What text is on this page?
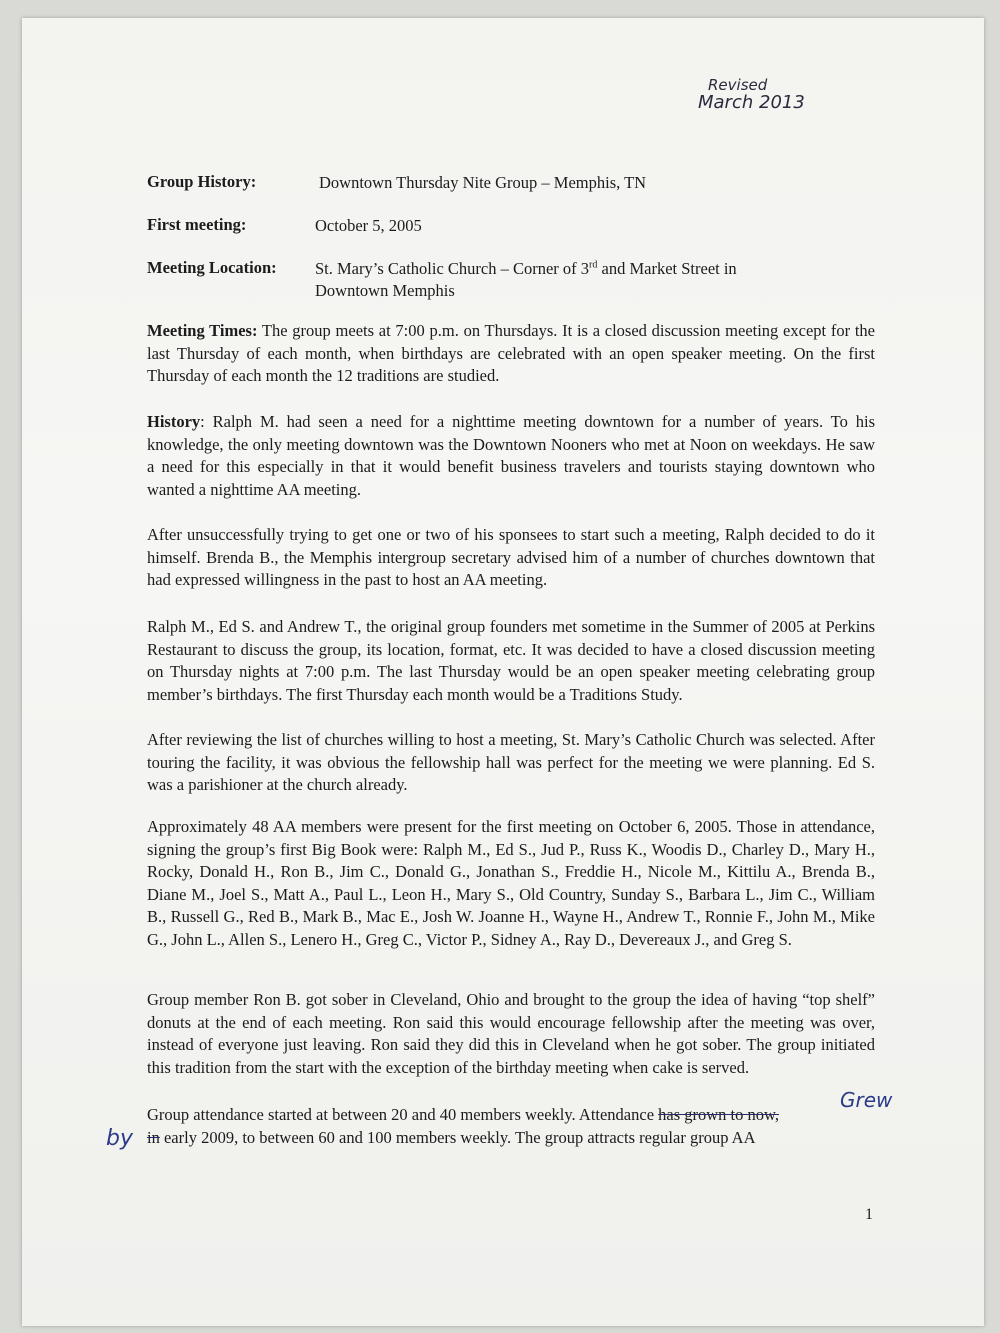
Revised
March 2013
Group History:	Downtown Thursday Nite Group – Memphis, TN
First meeting:	October 5, 2005
Meeting Location: St. Mary’s Catholic Church – Corner of 3rd and Market Street in
Downtown Memphis

Meeting Times: The group meets at 7:00 p.m. on Thursdays. It is a closed discussion meeting except for the last Thursday of each month, when birthdays are celebrated with an open speaker meeting. On the first Thursday of each month the 12 traditions are studied.

History: Ralph M. had seen a need for a nighttime meeting downtown for a number of years. To his knowledge, the only meeting downtown was the Downtown Nooners who met at Noon on weekdays. He saw a need for this especially in that it would benefit business travelers and tourists staying downtown who wanted a nighttime AA meeting.

After unsuccessfully trying to get one or two of his sponsees to start such a meeting, Ralph decided to do it himself. Brenda B., the Memphis intergroup secretary advised him of a number of churches downtown that had expressed willingness in the past to host an AA meeting.

Ralph M., Ed S. and Andrew T., the original group founders met sometime in the Summer of 2005 at Perkins Restaurant to discuss the group, its location, format, etc. It was decided to have a closed discussion meeting on Thursday nights at 7:00 p.m. The last Thursday would be an open speaker meeting celebrating group member’s birthdays. The first Thursday each month would be a Traditions Study.

After reviewing the list of churches willing to host a meeting, St. Mary’s Catholic Church was selected. After touring the facility, it was obvious the fellowship hall was perfect for the meeting we were planning. Ed S. was a parishioner at the church already.

Approximately 48 AA members were present for the first meeting on October 6, 2005. Those in attendance, signing the group’s first Big Book were: Ralph M., Ed S., Jud P., Russ K., Woodis D., Charley D., Mary H., Rocky, Donald H., Ron B., Jim C., Donald G., Jonathan S., Freddie H., Nicole M., Kittilu A., Brenda B., Diane M., Joel S., Matt A., Paul L., Leon H., Mary S., Old Country, Sunday S., Barbara L., Jim C., William B., Russell G., Red B., Mark B., Mac E., Josh W. Joanne H., Wayne H., Andrew T., Ronnie F., John M., Mike G., John L., Allen S., Lenero H., Greg C., Victor P., Sidney A., Ray D., Devereaux J., and Greg S.

Group member Ron B. got sober in Cleveland, Ohio and brought to the group the idea of having “top shelf” donuts at the end of each meeting. Ron said this would encourage fellowship after the meeting was over, instead of everyone just leaving. Ron said they did this in Cleveland when he got sober. The group initiated this tradition from the start with the exception of the birthday meeting when cake is served.

Group attendance started at between 20 and 40 members weekly. Attendance has grown to now,
in early 2009, to between 60 and 100 members weekly. The group attracts regular group AA

Grew
by
1
